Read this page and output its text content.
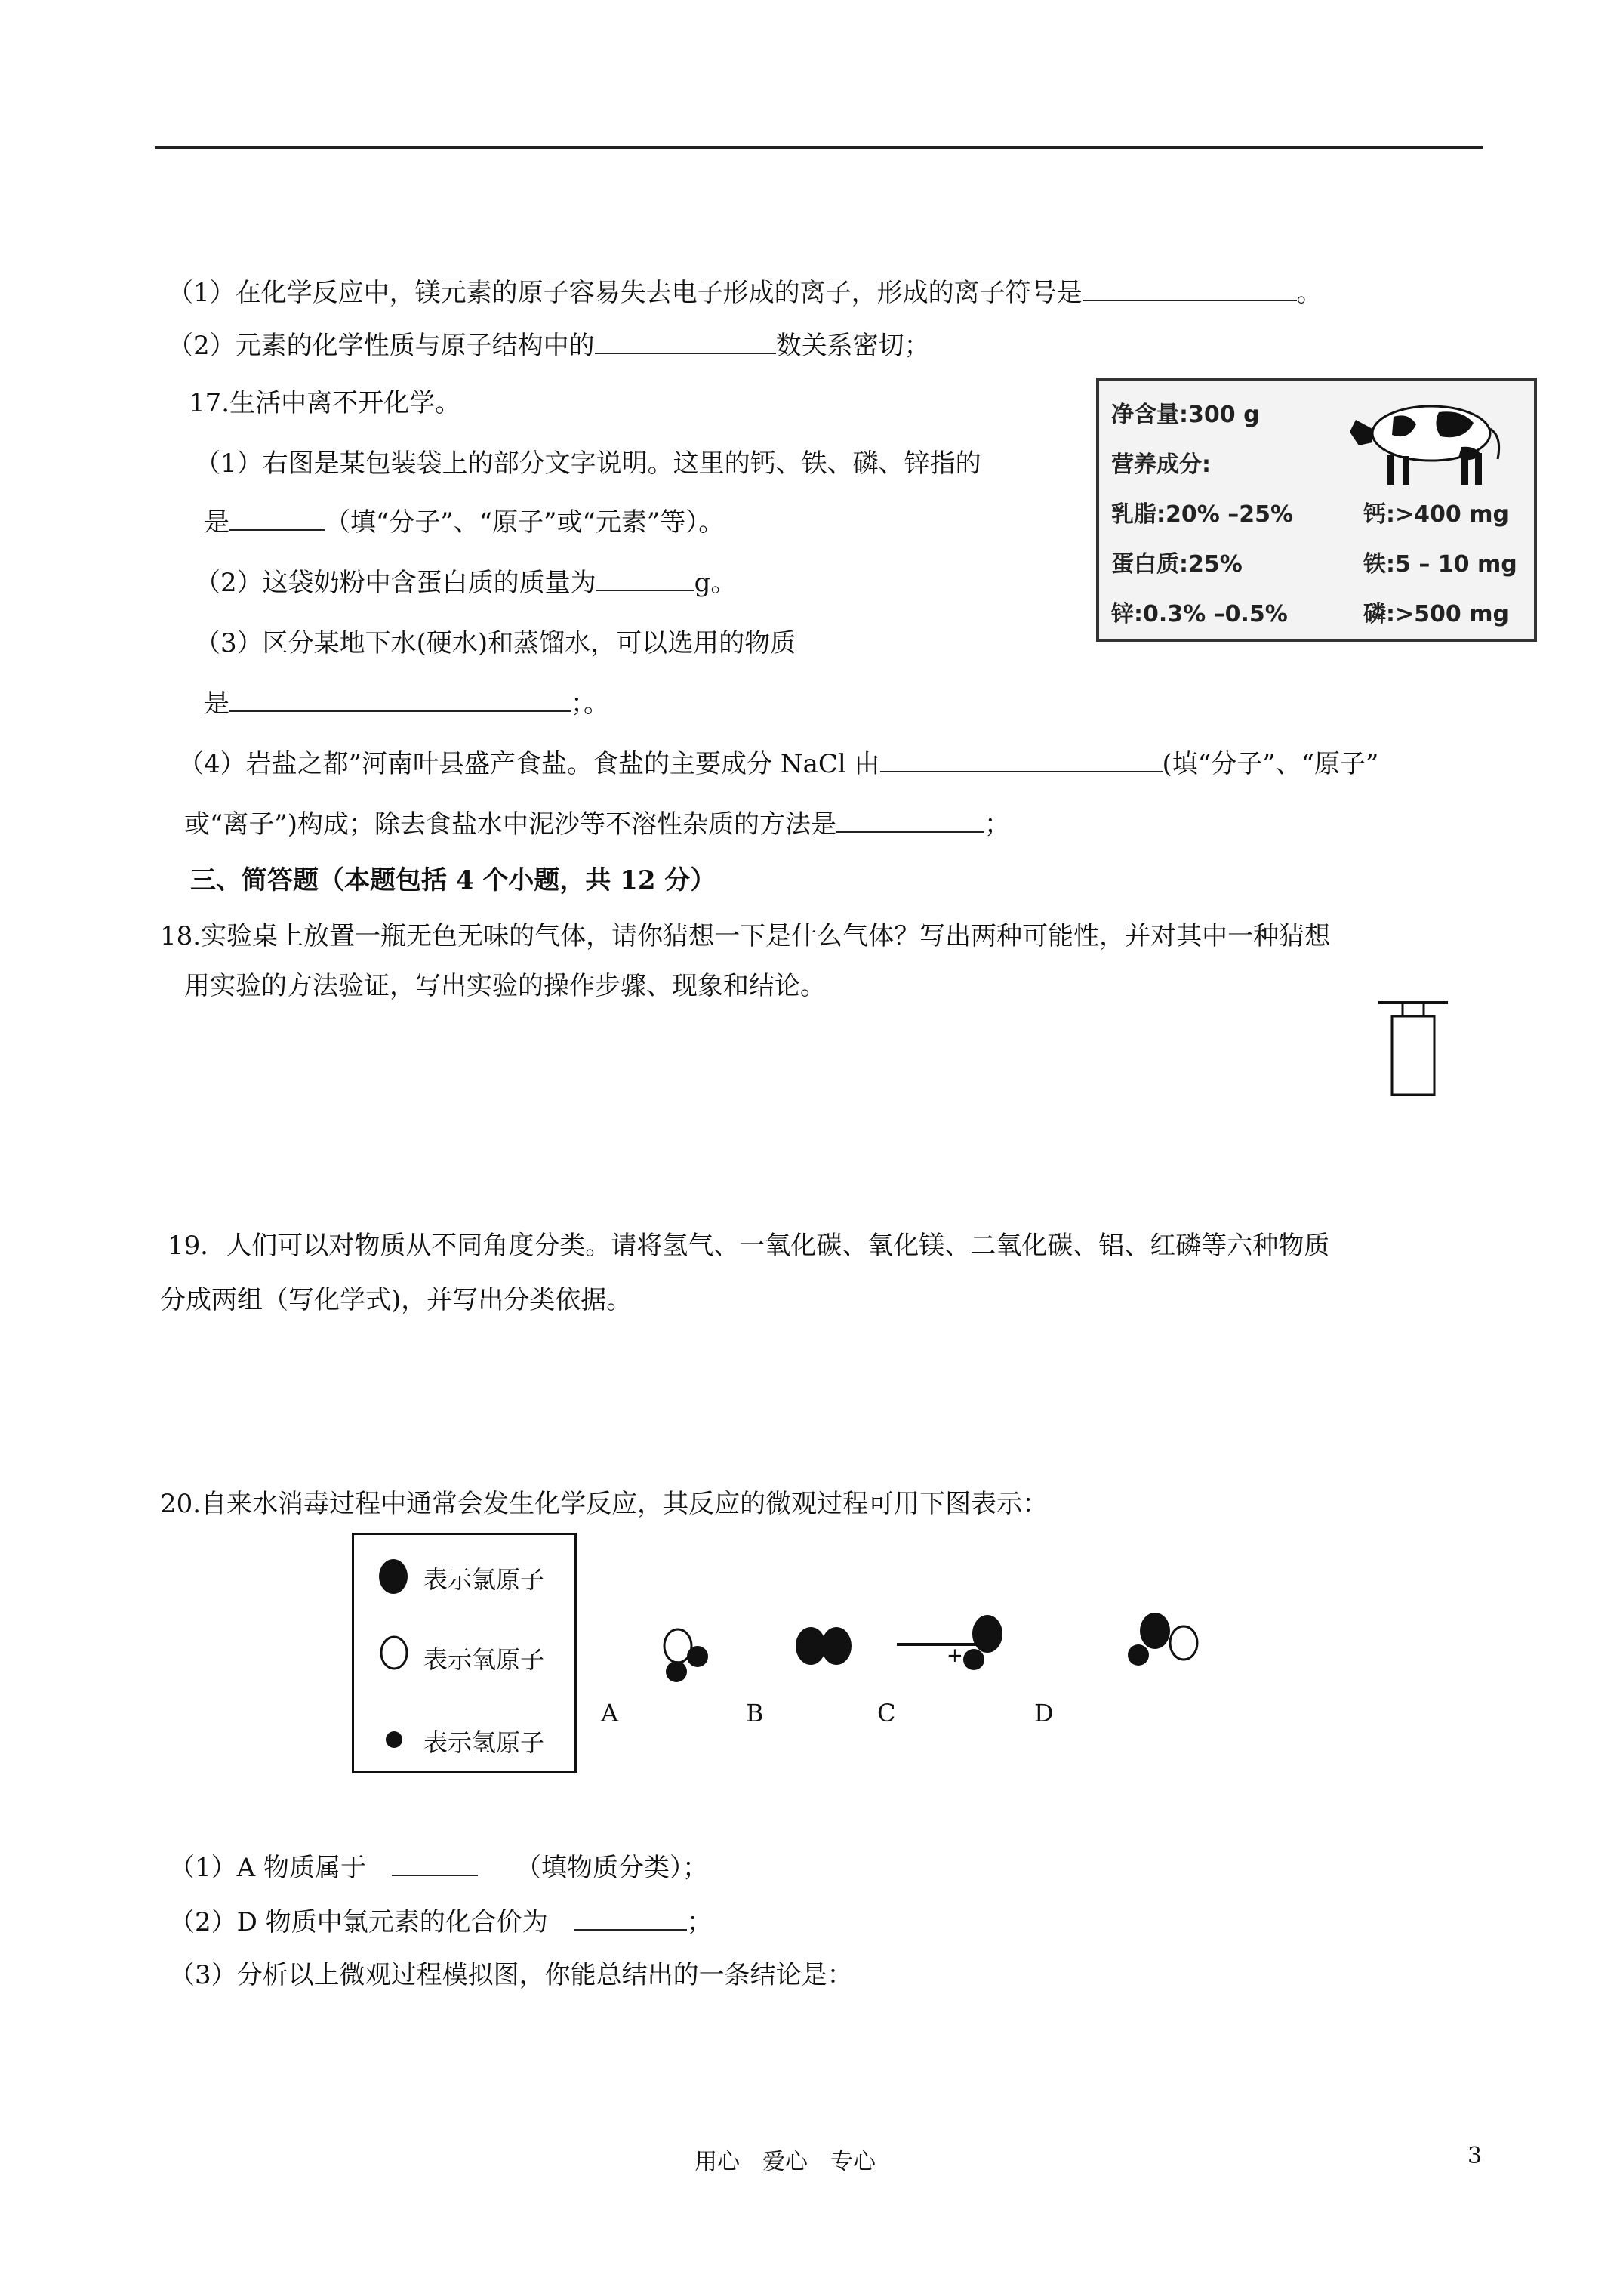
（1）在化学反应中，镁元素的原子容易失去电子形成的离子，形成的离子符号是	。
（2）元素的化学性质与原子结构中的	数关系密切；
17.生活中离不开化学。
（1）右图是某包装袋上的部分文字说明。这里的钙、铁、磷、锌指的
是	（填“分子”、“原子”或“元素”等）。
（2）这袋奶粉中含蛋白质的质量为	g。
（3）区分某地下水(硬水)和蒸馏水，可以选用的物质
是	；。
（4）岩盐之都”河南叶县盛产食盐。食盐的主要成分 NaCl 由	(填“分子”、“原子”
或“离子”)构成；除去食盐水中泥沙等不溶性杂质的方法是	；
净含量:300 g
营养成分:
乳脂:20% –25%	钙:>400 mg
蛋白质:25%	铁:5 – 10 mg
锌:0.3% –0.5%	磷:>500 mg
三、简答题（本题包括 4 个小题，共 12 分）
18.实验桌上放置一瓶无色无味的气体，请你猜想一下是什么气体？写出两种可能性，并对其中一种猜想
用实验的方法验证，写出实验的操作步骤、现象和结论。
19．人们可以对物质从不同角度分类。请将氢气、一氧化碳、氧化镁、二氧化碳、铝、红磷等六种物质
分成两组（写化学式)，并写出分类依据。
20.自来水消毒过程中通常会发生化学反应，其反应的微观过程可用下图表示：
表示氯原子
表示氧原子
表示氢原子
+
A	B	C	D
（1）A 物质属于	（填物质分类）；
（2）D 物质中氯元素的化合价为	；
（3）分析以上微观过程模拟图，你能总结出的一条结论是：
用心　爱心　专心	3
